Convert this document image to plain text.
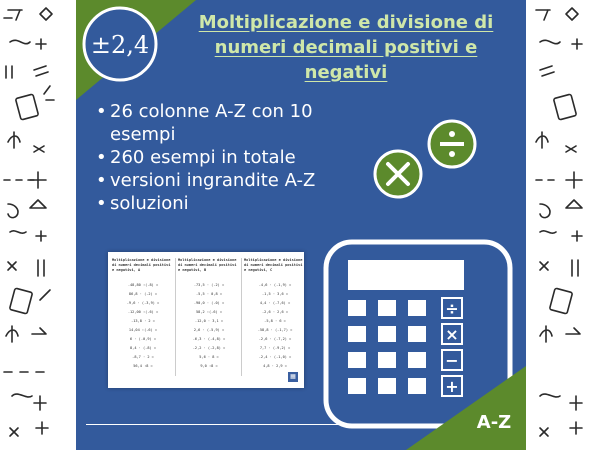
±2,4
Moltiplicazione e divisione di
numeri decimali positivi e
negativi
• 26 colonne A-Z con 10 esempi
• 260 esempi in totale
• versioni ingrandite A-Z
• soluzioni
Moltiplicazione e divisione di numeri decimali positivi e negativi, A
-48,80 :(-8) =
86,8 · (-2) =
-9,6 · (-3,9) =
-12,00 :(-6) =
-13,8 · 2 =
14,04 :(-6) =
6 · (-0,9) =
8,4 · (-8) =
-8,7 · 2 =
56,4 :8 =
Moltiplicazione e divisione di numeri decimali positivi e negativi, B
-73,5 · (-2) =
-5,5 · 0,8 =
-90,0 · (-0) =
58,2 :(-6) =
-12,0 · 3,1 =
2,6 · (-5,9) =
-6,3 · (-4,8) =
-2,2 · (-2,8) =
5,6 · 8 =
9,0 :8 =
Moltiplicazione e divisione di numeri decimali positivi e negativi, C
-4,6 · (-1,9) =
-1,5 · 3,6 =
4,4 · (-7,6) =
-2,6 · 2,6 =
-5,8 · 6 =
-58,8 · (-1,7) =
-2,6 · (-7,2) =
7,7 · (-9,2) =
-2,4 · (-1,0) =
4,8 · 2,9 =
▦
÷
×
−
+
A-Z
